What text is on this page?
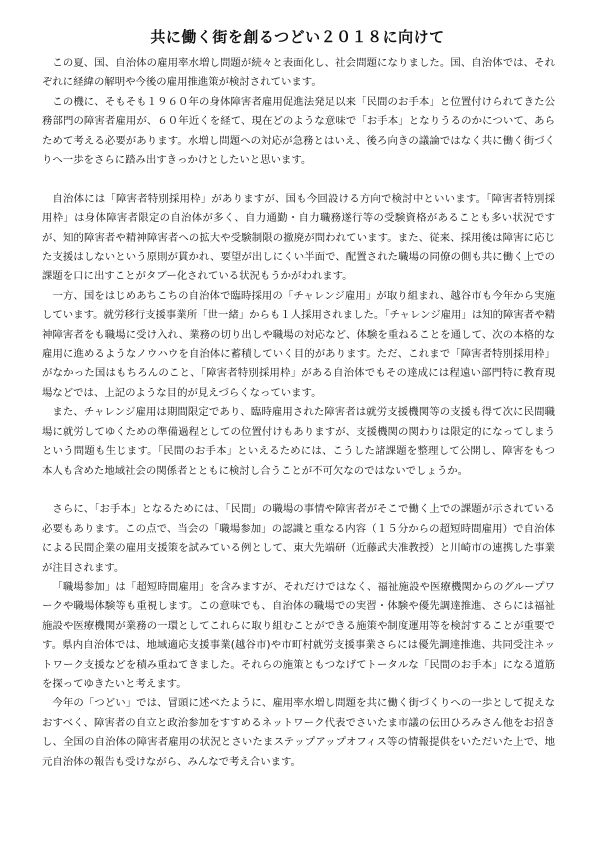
共に働く街を創るつどい２０１８に向けて

この夏、国、自治体の雇用率水増し問題が続々と表面化し、社会問題になりました。国、自治体では、それぞれに経緯の解明や今後の雇用推進策が検討されています。

この機に、そもそも１９６０年の身体障害者雇用促進法発足以来「民間のお手本」と位置付けられてきた公務部門の障害者雇用が、６０年近くを経て、現在どのような意味で「お手本」となりうるのかについて、あらためて考える必要があります。水増し問題への対応が急務とはいえ、後ろ向きの議論ではなく共に働く街づくりへ一歩をさらに踏み出すきっかけとしたいと思います。

自治体には「障害者特別採用枠」がありますが、国も今回設ける方向で検討中といいます。「障害者特別採用枠」は身体障害者限定の自治体が多く、自力通勤・自力職務遂行等の受験資格があることも多い状況ですが、知的障害者や精神障害者への拡大や受験制限の撤廃が問われています。また、従来、採用後は障害に応じた支援はしないという原則が貫かれ、要望が出しにくい半面で、配置された職場の同僚の側も共に働く上での課題を口に出すことがタブー化されている状況もうかがわれます。

一方、国をはじめあちこちの自治体で臨時採用の「チャレンジ雇用」が取り組まれ、越谷市も今年から実施しています。就労移行支援事業所「世一緒」からも１人採用されました。「チャレンジ雇用」は知的障害者や精神障害者をも職場に受け入れ、業務の切り出しや職場の対応など、体験を重ねることを通して、次の本格的な雇用に進めるようなノウハウを自治体に蓄積していく目的があります。ただ、これまで「障害者特別採用枠」がなかった国はもちろんのこと、「障害者特別採用枠」がある自治体でもその達成には程遠い部門特に教育現場などでは、上記のような目的が見えづらくなっています。

また、チャレンジ雇用は期間限定であり、臨時雇用された障害者は就労支援機関等の支援も得て次に民間職場に就労してゆくための準備過程としての位置付けもありますが、支援機関の関わりは限定的になってしまうという問題も生じます。「民間のお手本」といえるためには、こうした諸課題を整理して公開し、障害をもつ本人も含めた地域社会の関係者とともに検討し合うことが不可欠なのではないでしょうか。

さらに、「お手本」となるためには、「民間」の職場の事情や障害者がそこで働く上での課題が示されている必要もあります。この点で、当会の「職場参加」の認識と重なる内容（１５分からの超短時間雇用）で自治体による民間企業の雇用支援策を試みている例として、東大先端研（近藤武夫准教授）と川崎市の連携した事業が注目されます。

「職場参加」は「超短時間雇用」を含みますが、それだけではなく、福祉施設や医療機関からのグループワークや職場体験等も重視します。この意味でも、自治体の職場での実習・体験や優先調達推進、さらには福祉施設や医療機関が業務の一環としてこれらに取り組むことができる施策や制度運用等を検討することが重要です。県内自治体では、地域適応支援事業(越谷市)や市町村就労支援事業さらには優先調達推進、共同受注ネットワーク支援などを積み重ねてきました。それらの施策ともつなげてトータルな「民間のお手本」になる道筋を探ってゆきたいと考えます。

今年の「つどい」では、冒頭に述べたように、雇用率水増し問題を共に働く街づくりへの一歩として捉えなおすべく、障害者の自立と政治参加をすすめるネットワーク代表でさいたま市議の伝田ひろみさん他をお招きし、全国の自治体の障害者雇用の状況とさいたまステップアップオフィス等の情報提供をいただいた上で、地元自治体の報告も受けながら、みんなで考え合います。
